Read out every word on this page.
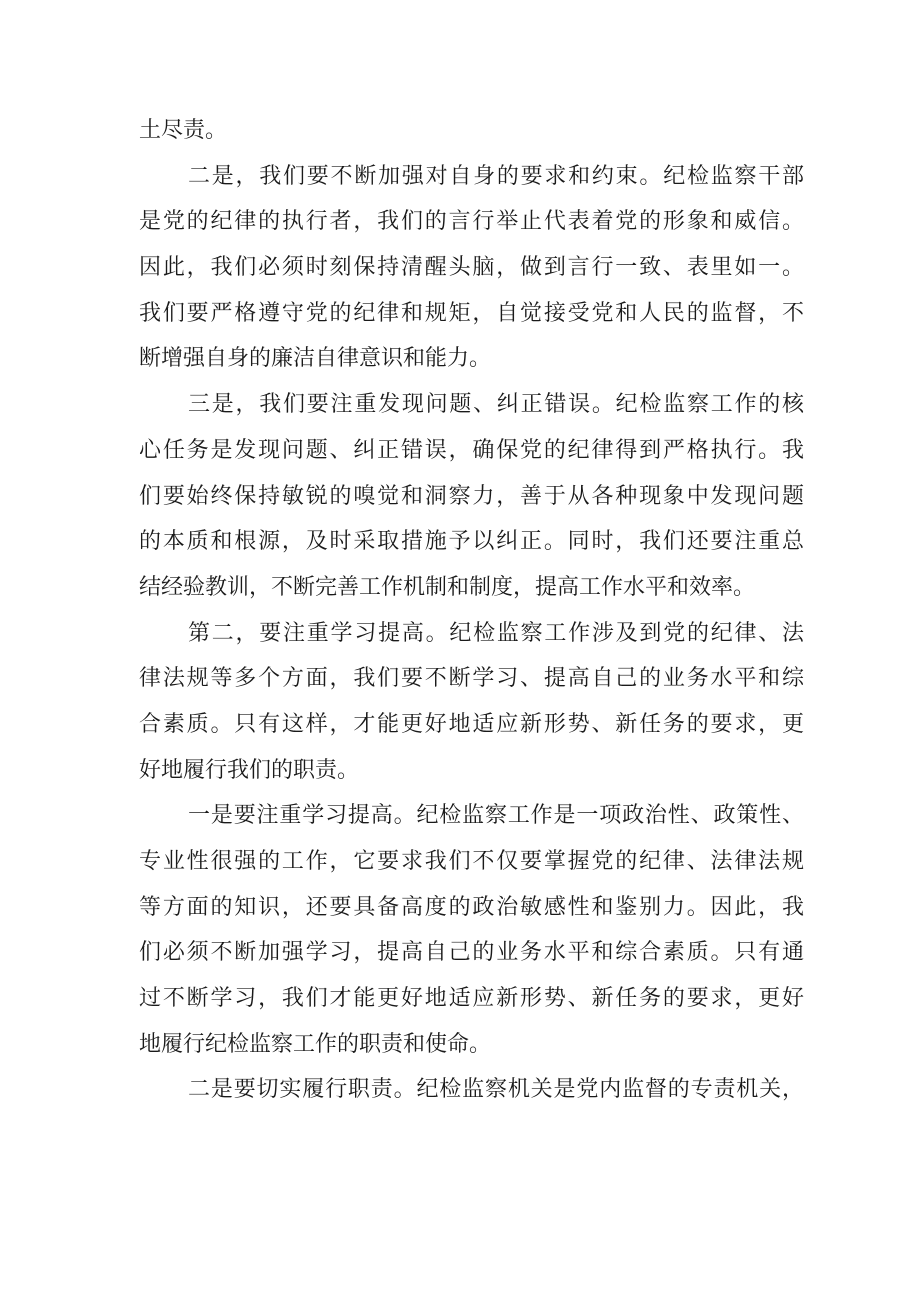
土尽责。
二是，我们要不断加强对自身的要求和约束。纪检监察干部
是党的纪律的执行者，我们的言行举止代表着党的形象和威信。
因此，我们必须时刻保持清醒头脑，做到言行一致、表里如一。
我们要严格遵守党的纪律和规矩，自觉接受党和人民的监督，不
断增强自身的廉洁自律意识和能力。
三是，我们要注重发现问题、纠正错误。纪检监察工作的核
心任务是发现问题、纠正错误，确保党的纪律得到严格执行。我
们要始终保持敏锐的嗅觉和洞察力，善于从各种现象中发现问题
的本质和根源，及时采取措施予以纠正。同时，我们还要注重总
结经验教训，不断完善工作机制和制度，提高工作水平和效率。
第二，要注重学习提高。纪检监察工作涉及到党的纪律、法
律法规等多个方面，我们要不断学习、提高自己的业务水平和综
合素质。只有这样，才能更好地适应新形势、新任务的要求，更
好地履行我们的职责。
一是要注重学习提高。纪检监察工作是一项政治性、政策性、
专业性很强的工作，它要求我们不仅要掌握党的纪律、法律法规
等方面的知识，还要具备高度的政治敏感性和鉴别力。因此，我
们必须不断加强学习，提高自己的业务水平和综合素质。只有通
过不断学习，我们才能更好地适应新形势、新任务的要求，更好
地履行纪检监察工作的职责和使命。
二是要切实履行职责。纪检监察机关是党内监督的专责机关，
